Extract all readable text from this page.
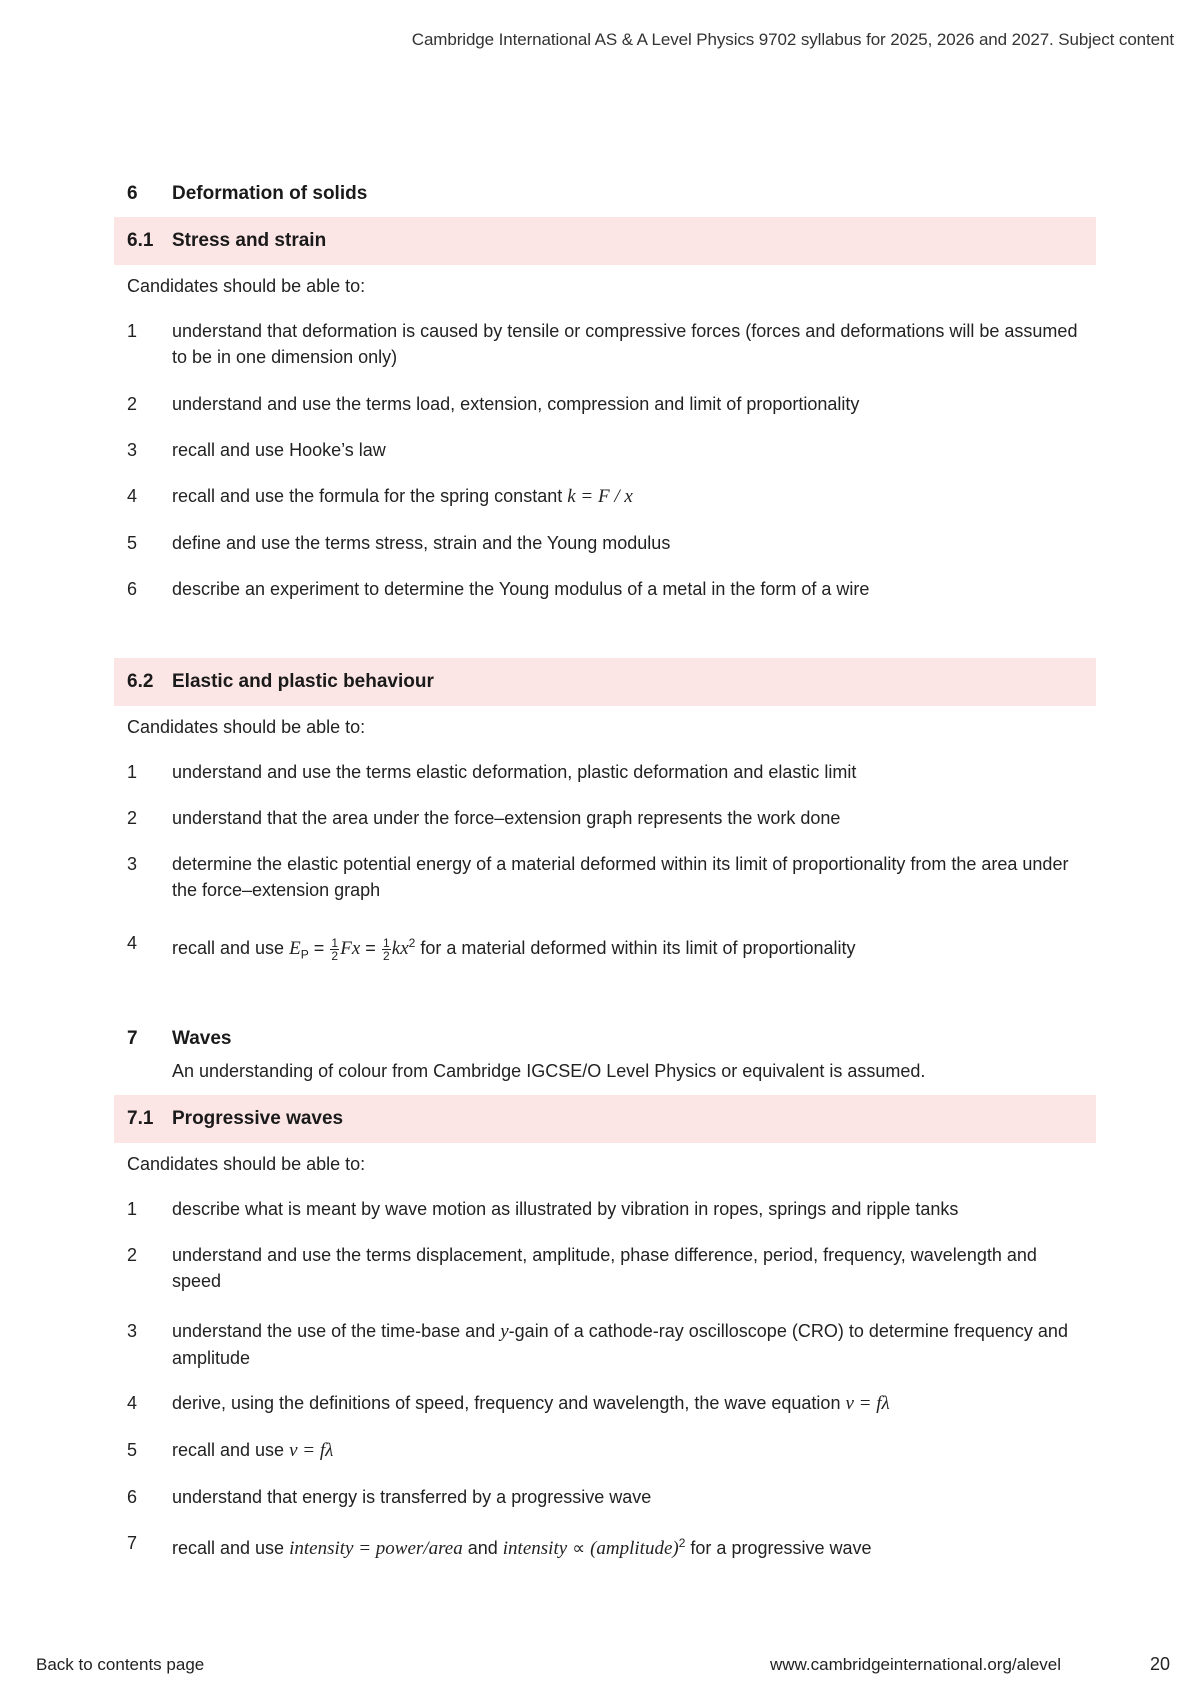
Cambridge International AS & A Level Physics 9702 syllabus for 2025, 2026 and 2027. Subject content
6	Deformation of solids
6.1 Stress and strain
Candidates should be able to:
1	understand that deformation is caused by tensile or compressive forces (forces and deformations will be assumed to be in one dimension only)
2	understand and use the terms load, extension, compression and limit of proportionality
3	recall and use Hooke’s law
4	recall and use the formula for the spring constant k = F / x
5	define and use the terms stress, strain and the Young modulus
6	describe an experiment to determine the Young modulus of a metal in the form of a wire
6.2 Elastic and plastic behaviour
Candidates should be able to:
1	understand and use the terms elastic deformation, plastic deformation and elastic limit
2	understand that the area under the force–extension graph represents the work done
3	determine the elastic potential energy of a material deformed within its limit of proportionality from the area under the force–extension graph
4	recall and use $E_P = \frac{1}{2}$ $Fx = \frac{1}{2} kx^2$ for a material deformed within its limit of proportionality
7	Waves
An understanding of colour from Cambridge IGCSE/O Level Physics or equivalent is assumed.
7.1 Progressive waves
Candidates should be able to:
1	describe what is meant by wave motion as illustrated by vibration in ropes, springs and ripple tanks
2	understand and use the terms displacement, amplitude, phase difference, period, frequency, wavelength and speed
3	understand the use of the time-base and y-gain of a cathode-ray oscilloscope (CRO) to determine frequency and amplitude
4	derive, using the definitions of speed, frequency and wavelength, the wave equation v = fλ
5	recall and use v = fλ
6	understand that energy is transferred by a progressive wave
7	recall and use intensity = power/area and intensity ∝ (amplitude)$^2$ for a progressive wave
Back to contents page	www.cambridgeinternational.org/alevel	20
